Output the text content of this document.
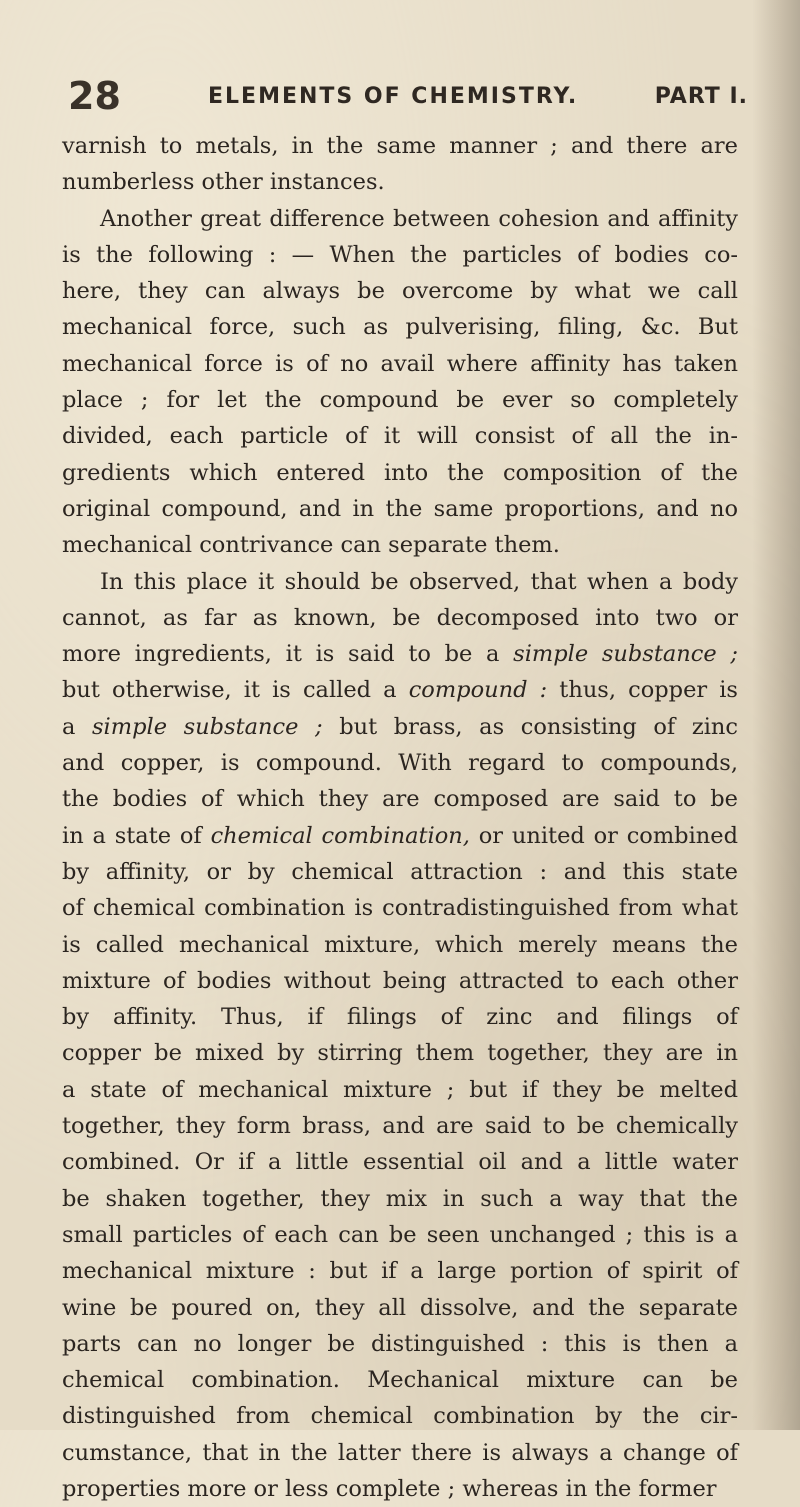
28	ELEMENTS OF CHEMISTRY.	PART I.
varnish to metals, in the same manner ; and there are
numberless other instances.
Another great difference between cohesion and affinity
is the following : — When the particles of bodies co-
here, they can always be overcome by what we call
mechanical force, such as pulverising, filing, &c. But
mechanical force is of no avail where affinity has taken
place ; for let the compound be ever so completely
divided, each particle of it will consist of all the in-
gredients which entered into the composition of the
original compound, and in the same proportions, and no
mechanical contrivance can separate them.
In this place it should be observed, that when a body
cannot, as far as known, be decomposed into two or
more ingredients, it is said to be a simple substance ;
but otherwise, it is called a compound : thus, copper is
a simple substance ; but brass, as consisting of zinc
and copper, is compound. With regard to compounds,
the bodies of which they are composed are said to be
in a state of chemical combination, or united or combined
by affinity, or by chemical attraction : and this state
of chemical combination is contradistinguished from what
is called mechanical mixture, which merely means the
mixture of bodies without being attracted to each other
by affinity. Thus, if filings of zinc and filings of
copper be mixed by stirring them together, they are in
a state of mechanical mixture ; but if they be melted
together, they form brass, and are said to be chemically
combined. Or if a little essential oil and a little water
be shaken together, they mix in such a way that the
small particles of each can be seen unchanged ; this is a
mechanical mixture : but if a large portion of spirit of
wine be poured on, they all dissolve, and the separate
parts can no longer be distinguished : this is then a
chemical combination. Mechanical mixture can be
distinguished from chemical combination by the cir-
cumstance, that in the latter there is always a change of
properties more or less complete ; whereas in the former
